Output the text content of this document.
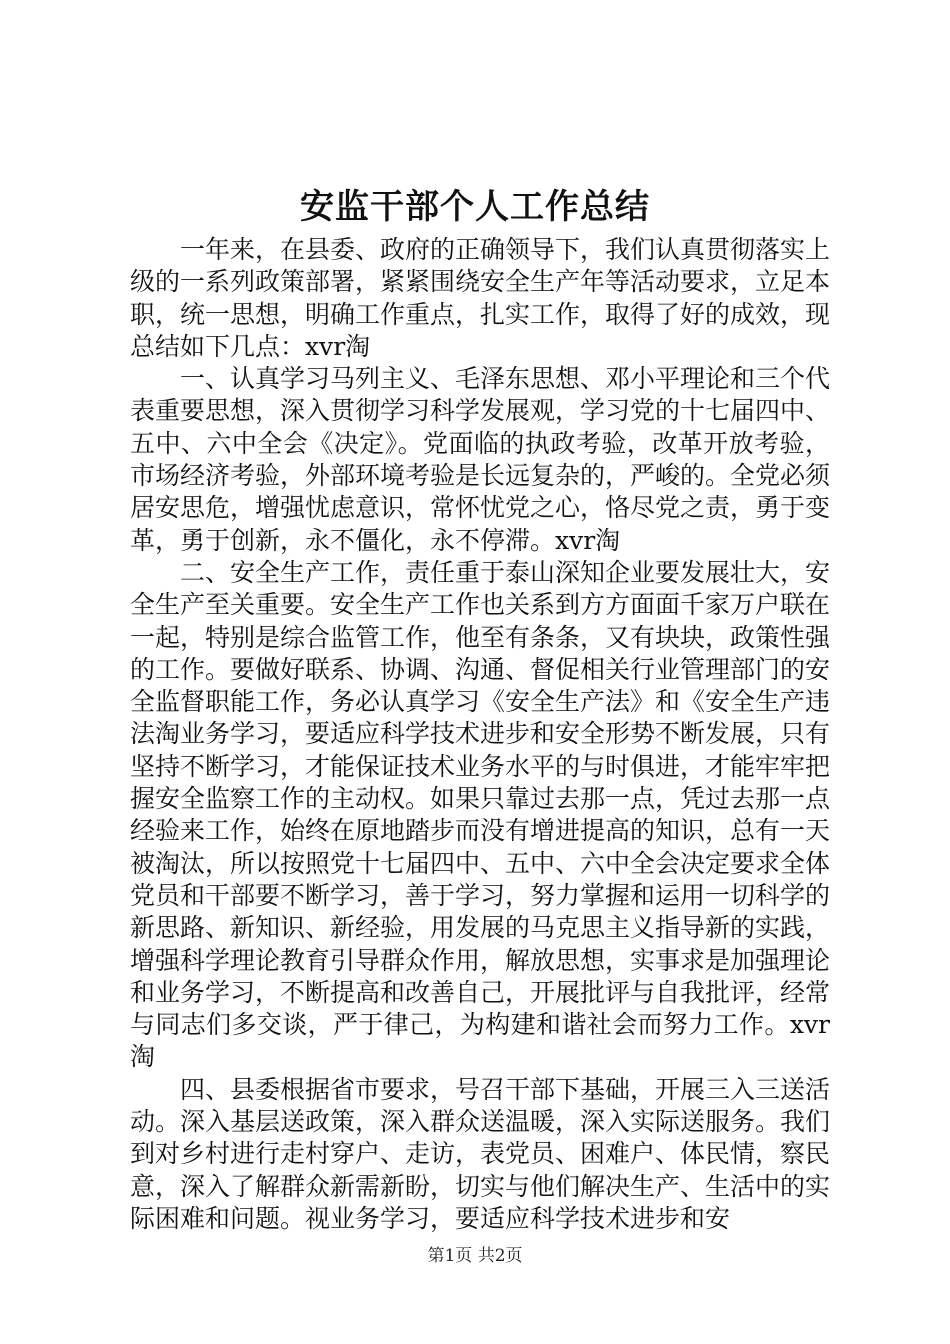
安监干部个人工作总结

一年来，在县委、政府的正确领导下，我们认真贯彻落实上级的一系列政策部署，紧紧围绕安全生产年等活动要求，立足本职，统一思想，明确工作重点，扎实工作，取得了好的成效，现总结如下几点：xvr淘

一、认真学习马列主义、毛泽东思想、邓小平理论和三个代表重要思想，深入贯彻学习科学发展观，学习党的十七届四中、五中、六中全会《决定》。党面临的执政考验，改革开放考验，市场经济考验，外部环境考验是长远复杂的，严峻的。全党必须居安思危，增强忧虑意识，常怀忧党之心，恪尽党之责，勇于变革，勇于创新，永不僵化，永不停滞。xvr淘

二、安全生产工作，责任重于泰山深知企业要发展壮大，安全生产至关重要。安全生产工作也关系到方方面面千家万户联在一起，特别是综合监管工作，他至有条条，又有块块，政策性强的工作。要做好联系、协调、沟通、督促相关行业管理部门的安全监督职能工作，务必认真学习《安全生产法》和《安全生产违法淘业务学习，要适应科学技术进步和安全形势不断发展，只有坚持不断学习，才能保证技术业务水平的与时俱进，才能牢牢把握安全监察工作的主动权。如果只靠过去那一点，凭过去那一点经验来工作，始终在原地踏步而没有增进提高的知识，总有一天被淘汰，所以按照党十七届四中、五中、六中全会决定要求全体党员和干部要不断学习，善于学习，努力掌握和运用一切科学的新思路、新知识、新经验，用发展的马克思主义指导新的实践，增强科学理论教育引导群众作用，解放思想，实事求是加强理论和业务学习，不断提高和改善自己，开展批评与自我批评，经常与同志们多交谈，严于律己，为构建和谐社会而努力工作。xvr淘

四、县委根据省市要求，号召干部下基础，开展三入三送活动。深入基层送政策，深入群众送温暖，深入实际送服务。我们到对乡村进行走村穿户、走访，表党员、困难户、体民情，察民意，深入了解群众新需新盼，切实与他们解决生产、生活中的实际困难和问题。视业务学习，要适应科学技术进步和安

第1页 共2页
